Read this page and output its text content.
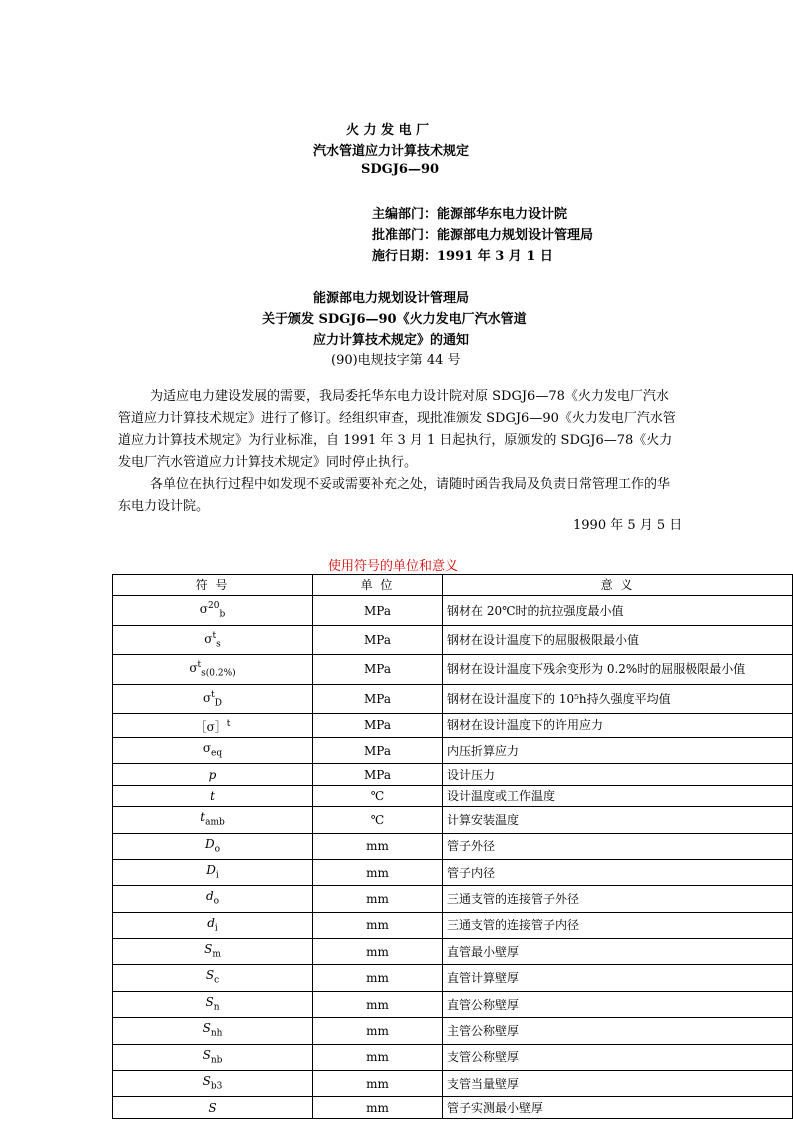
火 力 发 电 厂
汽水管道应力计算技术规定
SDGJ6—90
主编部门：能源部华东电力设计院
批准部门：能源部电力规划设计管理局
施行日期：1991 年 3 月 1 日
能源部电力规划设计管理局
关于颁发 SDGJ6—90《火力发电厂汽水管道
应力计算技术规定》的通知
(90)电规技字第 44 号

为适应电力建设发展的需要，我局委托华东电力设计院对原 SDGJ6—78《火力发电厂汽水管道应力计算技术规定》进行了修订。经组织审查，现批准颁发 SDGJ6—90《火力发电厂汽水管道应力计算技术规定》为行业标准，自 1991 年 3 月 1 日起执行，原颁发的 SDGJ6—78《火力发电厂汽水管道应力计算技术规定》同时停止执行。

各单位在执行过程中如发现不妥或需要补充之处，请随时函告我局及负责日常管理工作的华东电力设计院。

1990 年 5 月 5 日
使用符号的单位和意义
符 号	单 位	意 义
$\sigma^{20}_b$	MPa	钢材在 20℃时的抗拉强度最小值
$\sigma^t_s$	MPa	钢材在设计温度下的屈服极限最小值
$\sigma^t_{s(0.2\%)}$	MPa	钢材在设计温度下残余变形为 0.2%时的屈服极限最小值
$\sigma^t_D$	MPa	钢材在设计温度下的 10⁵h持久强度平均值
［σ］$^t$	MPa	钢材在设计温度下的许用应力
$\sigma_{eq}$	MPa	内压折算应力
p	MPa	设计压力
t	℃	设计温度或工作温度
$t_{amb}$	℃	计算安装温度
$D_o$	mm	管子外径
$D_i$	mm	管子内径
$d_o$	mm	三通支管的连接管子外径
$d_i$	mm	三通支管的连接管子内径
$S_m$	mm	直管最小壁厚
$S_c$	mm	直管计算壁厚
$S_n$	mm	直管公称壁厚
$S_{nh}$	mm	主管公称壁厚
$S_{nb}$	mm	支管公称壁厚
$S_{b3}$	mm	支管当量壁厚
S	mm	管子实测最小壁厚
